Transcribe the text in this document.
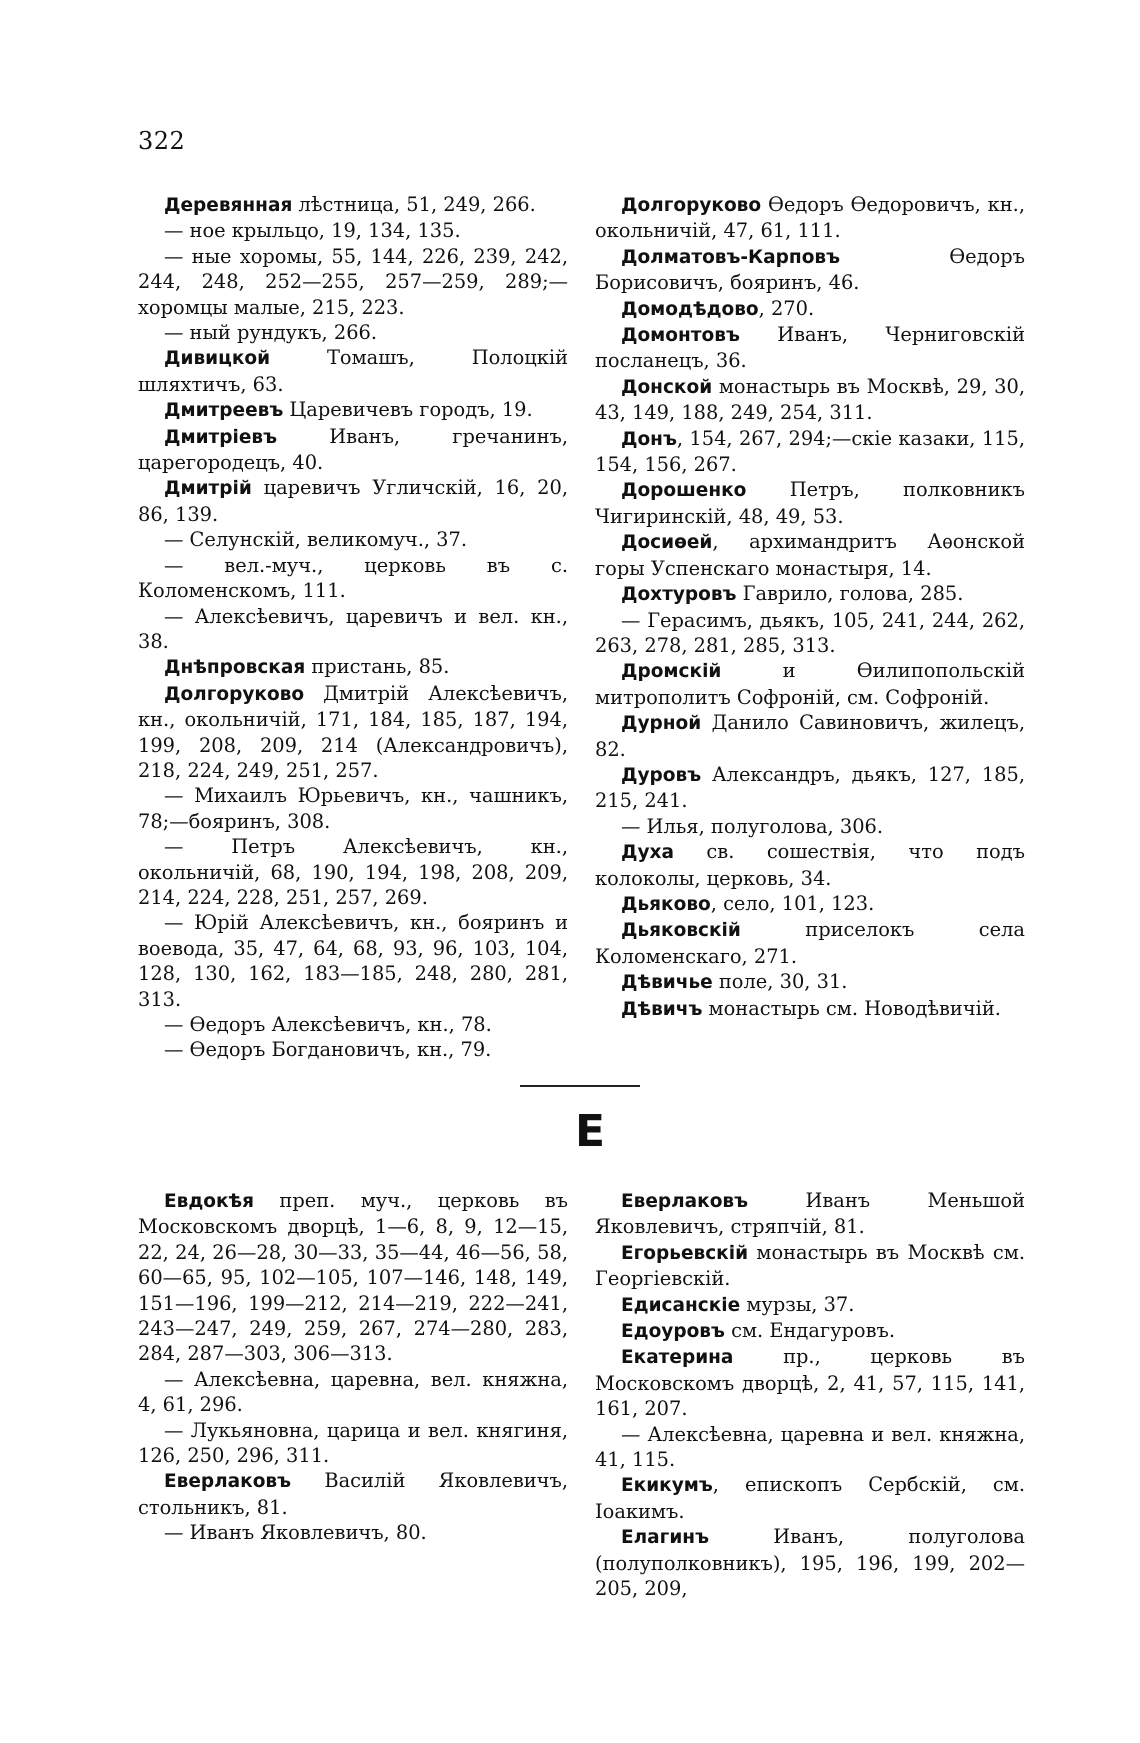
322

Деревянная лѣстница, 51, 249, 266.

— ное крыльцо, 19, 134, 135.

— ные хоромы, 55, 144, 226, 239, 242, 244, 248, 252—255, 257—259, 289;—хоромцы малые, 215, 223.

— ный рундукъ, 266.

Дивицкой Томашъ, Полоцкій шляхтичъ, 63.

Дмитреевъ Царевичевъ городъ, 19.

Дмитріевъ Иванъ, гречанинъ, царегородецъ, 40.

Дмитрій царевичъ Угличскій, 16, 20, 86, 139.

— Селунскій, великомуч., 37.

— вел.-муч., церковь въ с. Коломенскомъ, 111.

— Алексѣевичъ, царевичъ и вел. кн., 38.

Днѣпровская пристань, 85.

Долгоруково Дмитрій Алексѣевичъ, кн., окольничій, 171, 184, 185, 187, 194, 199, 208, 209, 214 (Александровичъ), 218, 224, 249, 251, 257.

— Михаилъ Юрьевичъ, кн., чашникъ, 78;—бояринъ, 308.

— Петръ Алексѣевичъ, кн., окольничій, 68, 190, 194, 198, 208, 209, 214, 224, 228, 251, 257, 269.

— Юрій Алексѣевичъ, кн., бояринъ и воевода, 35, 47, 64, 68, 93, 96, 103, 104, 128, 130, 162, 183—185, 248, 280, 281, 313.

— Ѳедоръ Алексѣевичъ, кн., 78.

— Ѳедоръ Богдановичъ, кн., 79.

Долгоруково Ѳедоръ Ѳедоровичъ, кн., окольничій, 47, 61, 111.

Долматовъ-Карповъ Ѳедоръ Борисовичъ, бояринъ, 46.

Домодѣдово, 270.

Домонтовъ Иванъ, Черниговскій посланецъ, 36.

Донской монастырь въ Москвѣ, 29, 30, 43, 149, 188, 249, 254, 311.

Донъ, 154, 267, 294;—скіе казаки, 115, 154, 156, 267.

Дорошенко Петръ, полковникъ Чигиринскій, 48, 49, 53.

Досиѳей, архимандритъ Аѳонской горы Успенскаго монастыря, 14.

Дохтуровъ Гаврило, голова, 285.

— Герасимъ, дьякъ, 105, 241, 244, 262, 263, 278, 281, 285, 313.

Дромскій и Ѳилипопольскій митрополитъ Софроній, см. Софроній.

Дурной Данило Савиновичъ, жилецъ, 82.

Дуровъ Александръ, дьякъ, 127, 185, 215, 241.

— Илья, полуголова, 306.

Духа св. сошествія, что подъ колоколы, церковь, 34.

Дьяково, село, 101, 123.

Дьяковскій приселокъ села Коломенскаго, 271.

Дѣвичье поле, 30, 31.

Дѣвичъ монастырь см. Новодѣвичій.

Е

Евдокѣя преп. муч., церковь въ Московскомъ дворцѣ, 1—6, 8, 9, 12—15, 22, 24, 26—28, 30—33, 35—44, 46—56, 58, 60—65, 95, 102—105, 107—146, 148, 149, 151—196, 199—212, 214—219, 222—241, 243—247, 249, 259, 267, 274—280, 283, 284, 287—303, 306—313.

— Алексѣевна, царевна, вел. княжна, 4, 61, 296.

— Лукьяновна, царица и вел. княгиня, 126, 250, 296, 311.

Еверлаковъ Василій Яковлевичъ, стольникъ, 81.

— Иванъ Яковлевичъ, 80.

Еверлаковъ Иванъ Меньшой Яковлевичъ, стряпчій, 81.

Егорьевскій монастырь въ Москвѣ см. Георгіевскій.

Едисанскіе мурзы, 37.

Едоуровъ см. Ендагуровъ.

Екатерина пр., церковь въ Московскомъ дворцѣ, 2, 41, 57, 115, 141, 161, 207.

— Алексѣевна, царевна и вел. княжна, 41, 115.

Екикумъ, епископъ Сербскій, см. Іоакимъ.

Елагинъ Иванъ, полуголова (полуполковникъ), 195, 196, 199, 202—205, 209,
